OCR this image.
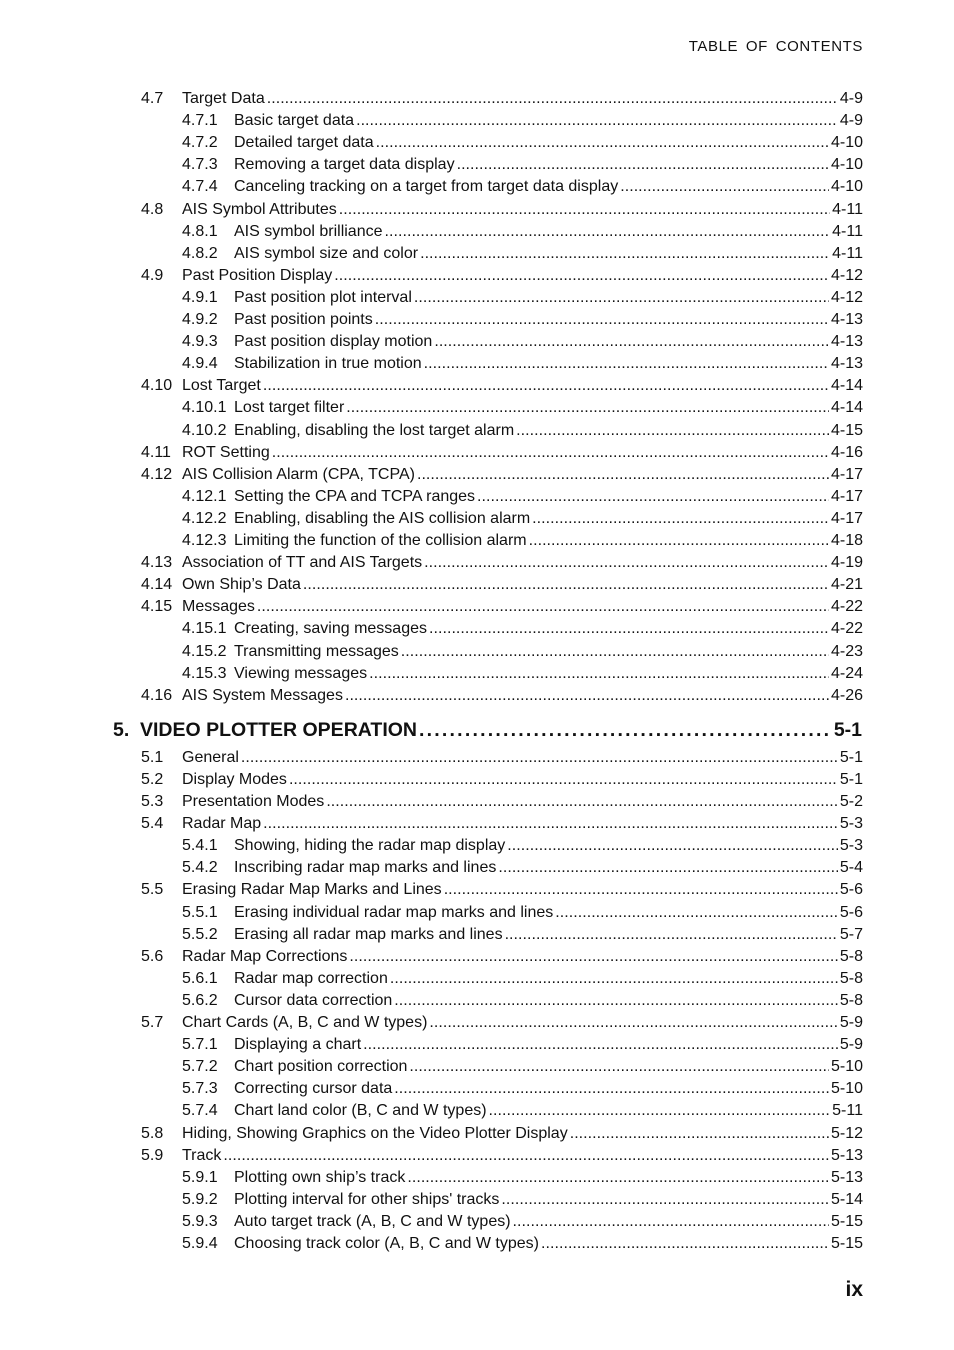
TABLE OF CONTENTS
4.7	Target Data . . .	4-9
4.7.1	Basic target data . . .	4-9
4.7.2	Detailed target data . . .	4-10
4.7.3	Removing a target data display . . .	4-10
4.7.4	Canceling tracking on a target from target data display . . .	4-10
4.8	AIS Symbol Attributes . . .	4-11
4.8.1	AIS symbol brilliance . . .	4-11
4.8.2	AIS symbol size and color . . .	4-11
4.9	Past Position Display . . .	4-12
4.9.1	Past position plot interval . . .	4-12
4.9.2	Past position points . . .	4-13
4.9.3	Past position display motion . . .	4-13
4.9.4	Stabilization in true motion . . .	4-13
4.10 Lost Target . . .	4-14
4.10.1 Lost target filter . . .	4-14
4.10.2 Enabling, disabling the lost target alarm . . .	4-15
4.11 ROT Setting . . .	4-16
4.12 AIS Collision Alarm (CPA, TCPA) . . .	4-17
4.12.1 Setting the CPA and TCPA ranges . . .	4-17
4.12.2 Enabling, disabling the AIS collision alarm . . .	4-17
4.12.3 Limiting the function of the collision alarm . . .	4-18
4.13 Association of TT and AIS Targets . . .	4-19
4.14 Own Ship’s Data . . .	4-21
4.15 Messages . . .	4-22
4.15.1 Creating, saving messages . . .	4-22
4.15.2 Transmitting messages . . .	4-23
4.15.3 Viewing messages . . .	4-24
4.16 AIS System Messages . . .	4-26
5. VIDEO PLOTTER OPERATION . . .	5-1
5.1	General . . .	5-1
5.2	Display Modes . . .	5-1
5.3	Presentation Modes . . .	5-2
5.4	Radar Map . . .	5-3
5.4.1	Showing, hiding the radar map display . . .	5-3
5.4.2	Inscribing radar map marks and lines . . .	5-4
5.5	Erasing Radar Map Marks and Lines . . .	5-6
5.5.1	Erasing individual radar map marks and lines . . .	5-6
5.5.2	Erasing all radar map marks and lines . . .	5-7
5.6	Radar Map Corrections . . .	5-8
5.6.1	Radar map correction . . .	5-8
5.6.2	Cursor data correction . . .	5-8
5.7	Chart Cards (A, B, C and W types) . . .	5-9
5.7.1	Displaying a chart . . .	5-9
5.7.2	Chart position correction . . .	5-10
5.7.3	Correcting cursor data . . .	5-10
5.7.4	Chart land color (B, C and W types) . . .	5-11
5.8	Hiding, Showing Graphics on the Video Plotter Display . . .	5-12
5.9	Track . . .	5-13
5.9.1	Plotting own ship’s track . . .	5-13
5.9.2	Plotting interval for other ships' tracks . . .	5-14
5.9.3	Auto target track (A, B, C and W types) . . .	5-15
5.9.4	Choosing track color (A, B, C and W types) . . .	5-15
ix
